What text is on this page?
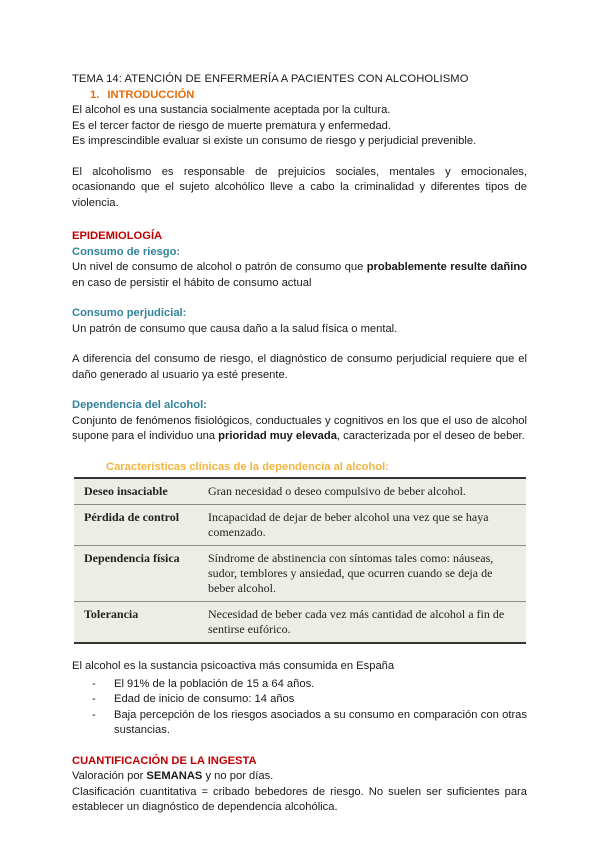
TEMA 14: ATENCIÓN DE ENFERMERÍA A PACIENTES CON ALCOHOLISMO

1. INTRODUCCIÓN

El alcohol es una sustancia socialmente aceptada por la cultura.

Es el tercer factor de riesgo de muerte prematura y enfermedad.

Es imprescindible evaluar si existe un consumo de riesgo y perjudicial prevenible.

El alcoholismo es responsable de prejuicios sociales, mentales y emocionales, ocasionando que el sujeto alcohólico lleve a cabo la criminalidad y diferentes tipos de violencia.

EPIDEMIOLOGÍA

Consumo de riesgo:

Un nivel de consumo de alcohol o patrón de consumo que probablemente resulte dañino en caso de persistir el hábito de consumo actual

Consumo perjudicial:

Un patrón de consumo que causa daño a la salud física o mental.

A diferencia del consumo de riesgo, el diagnóstico de consumo perjudicial requiere que el daño generado al usuario ya esté presente.

Dependencia del alcohol:

Conjunto de fenómenos fisiológicos, conductuales y cognitivos en los que el uso de alcohol supone para el individuo una prioridad muy elevada, caracterizada por el deseo de beber.

Características clínicas de la dependencia al alcohol:

Deseo insaciable	Gran necesidad o deseo compulsivo de beber alcohol.
Pérdida de control	Incapacidad de dejar de beber alcohol una vez que se haya comenzado.
Dependencia física	Síndrome de abstinencia con síntomas tales como: náuseas, sudor, temblores y ansiedad, que ocurren cuando se deja de beber alcohol.
Tolerancia	Necesidad de beber cada vez más cantidad de alcohol a fin de sentirse eufórico.

El alcohol es la sustancia psicoactiva más consumida en España

- El 91% de la población de 15 a 64 años.
- Edad de inicio de consumo: 14 años
- Baja percepción de los riesgos asociados a su consumo en comparación con otras sustancias.

CUANTIFICACIÓN DE LA INGESTA

Valoración por SEMANAS y no por días.

Clasificación cuantitativa = cribado bebedores de riesgo. No suelen ser suficientes para establecer un diagnóstico de dependencia alcohólica.
